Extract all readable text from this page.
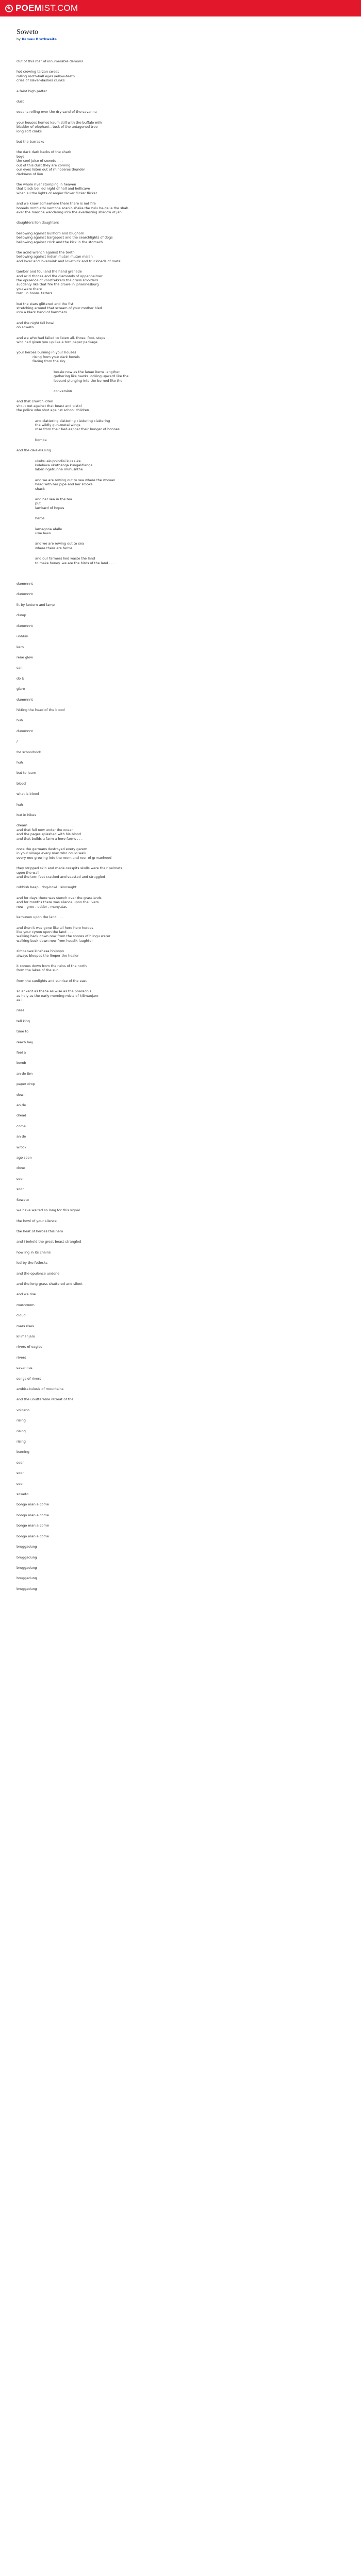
✎ POEM IST.COM
Soweto
by Kamau Brathwaite
Out of this roar of innumerable demons
hot crowing tarzan sweat
rolling moth-ball eyes yellow-teeth
cries of slaver-dashes clunks
a faint high patter
dust
oceans rolling over the dry sand of the savanna
your houses homes kaum still with the buffalo milk
bladder of elephant . tusk of the antagened tree
long soft clinks
but the barracks
the dark dark backs of the shark
boys
the cool juice of sowetu . . .
out of this dust they are coming
our eyes listen out of rhinoceros thunder
darkness of lion
the whole river stomping in heaven
that black bellied night of hall and hellicave
when all the lights of angier flicker flicker flicker
and we know somewhere there there is not fire
boreels mmhlethi nembha scanlo shaka the zulu be-gelia the shah
ever the mascoe wandering into the everlasting shadow of jah
daughters lion daughters
bellowing against bullhorn and blughorn
bellowing against bargepost and the searchlights of dogs
bellowing against crick and the kick in the stomach
the acrid wrench against the teeth
bellowing against indian mutan mutan malan
and lover and loverwink and lovethick and truckloads of metal
tamber and foul and the hand grenade
and acid thodes and the diamonds of oppenheimer
the opulence of voortrekkers the gruss smolders . . .
suddenly like that fire the crowe in johannesburg
you were there
torn. in boom. tatters
but the stars glittered and the fist
stretching around that scream of your mother bled
into a black hand of hammers
and the night fell howl
on soweto
and we who had failed to listen all. those. foot. steps
who had given you up like a torn paper package
your heroes burning in your houses
rising from your dark hovels
flaring from the sky
bessie now as the lanae items lengthen
gathering like hawks looking upward like the
leopard plunging into the burned like the
conversion
and that crowchildren
shout out against that beast and pistol
the police who shot against school children
and clattering clattering clattering clattering
the wildly gun-metal wings
rose from their bed-sapper their hunger of bonnes
bomba
and the daisiels sing
ukuhu akuphindisi kulaa-ke
kulehiwa ukuthanga kungaliflanga
laben ngetrunha mkhusnthe
and we are rowing out to sea where the woman
head with her pipe and her smoke
shack
and her sea in the tea
put
lamkard of hopes
herbs
lamagona afalle
uwe lewo
and we are rowing out to sea
where there are farms
and our farmers lied waste the land
to make honey. we are the birds of the land . . .
dummnnt
dummnnt
lit by lantern and lamp
dump
dummnnt
unhluri
kero
rene glow
can
do &
glare
dummnnt
hitting the head of the blood
huh
dummnnt
/
for schoolbook
huh
but to learn
blood
what is blood
huh
but in bikes
dream
and that fell now under the ocean
and the pages splashed with his blood
and that builds a farm a hero farms . . .
once the germans destroyed every garem
in your village every man who could walk
every one growing into the room and reer of grmanhood
they stripped skin and made cesspits skulls were their pelmets
upon the wall
and the torn feet cracked and seasted and struggled
rubbish heap . dog-howl . sinnsoght
and for days there was stench over the grasslands
and for months there was silence upon the livers
now . gree . udder . manyatas
kamunen upon the land . . .
and then it was gone like all hero hero heroes
like your cynon upon the land . . .
walking back down now from the shores of hlingu water
walking back down now from headik laughter
zimbabwe kinshasa hhipopo
always bloopes the limper the healer
it comes down from the ruins of the north
from the lakes of the sun
from the sunlights and sunrise of the east
so ankarit as thebe as wise as the pharaoh's
as holy as the early morning mists of kilimanjaro
as I
rises
tell king
time to
reach hey
feel a
bomb
an de tim
paper drop
down
an de
dread
come
an de
wrock
ago soon
done
soon
soon
Soweto
we have waited so long for this signal
the howl of your silence
the heat of heroes this hero
and i behold the great beast strangled
howling in its chains
led by the fetlocks
and the opulence undone
and the long grass shattered and silent
and we rise
mushroom
cloud
mars rises
kilimanjaro
rivers of eagles
rivers
savannas
songs of rivers
ambisabulusis of mountains
and the unutterable retreat of the
volcano
rising
rising
rising
burning
soon
soon
soon
soweto
bongo man a come
bongo man a come
bongo man a come
bongo man a come
bruggadung
bruggadung
bruggadung
bruggadung
bruggadung
